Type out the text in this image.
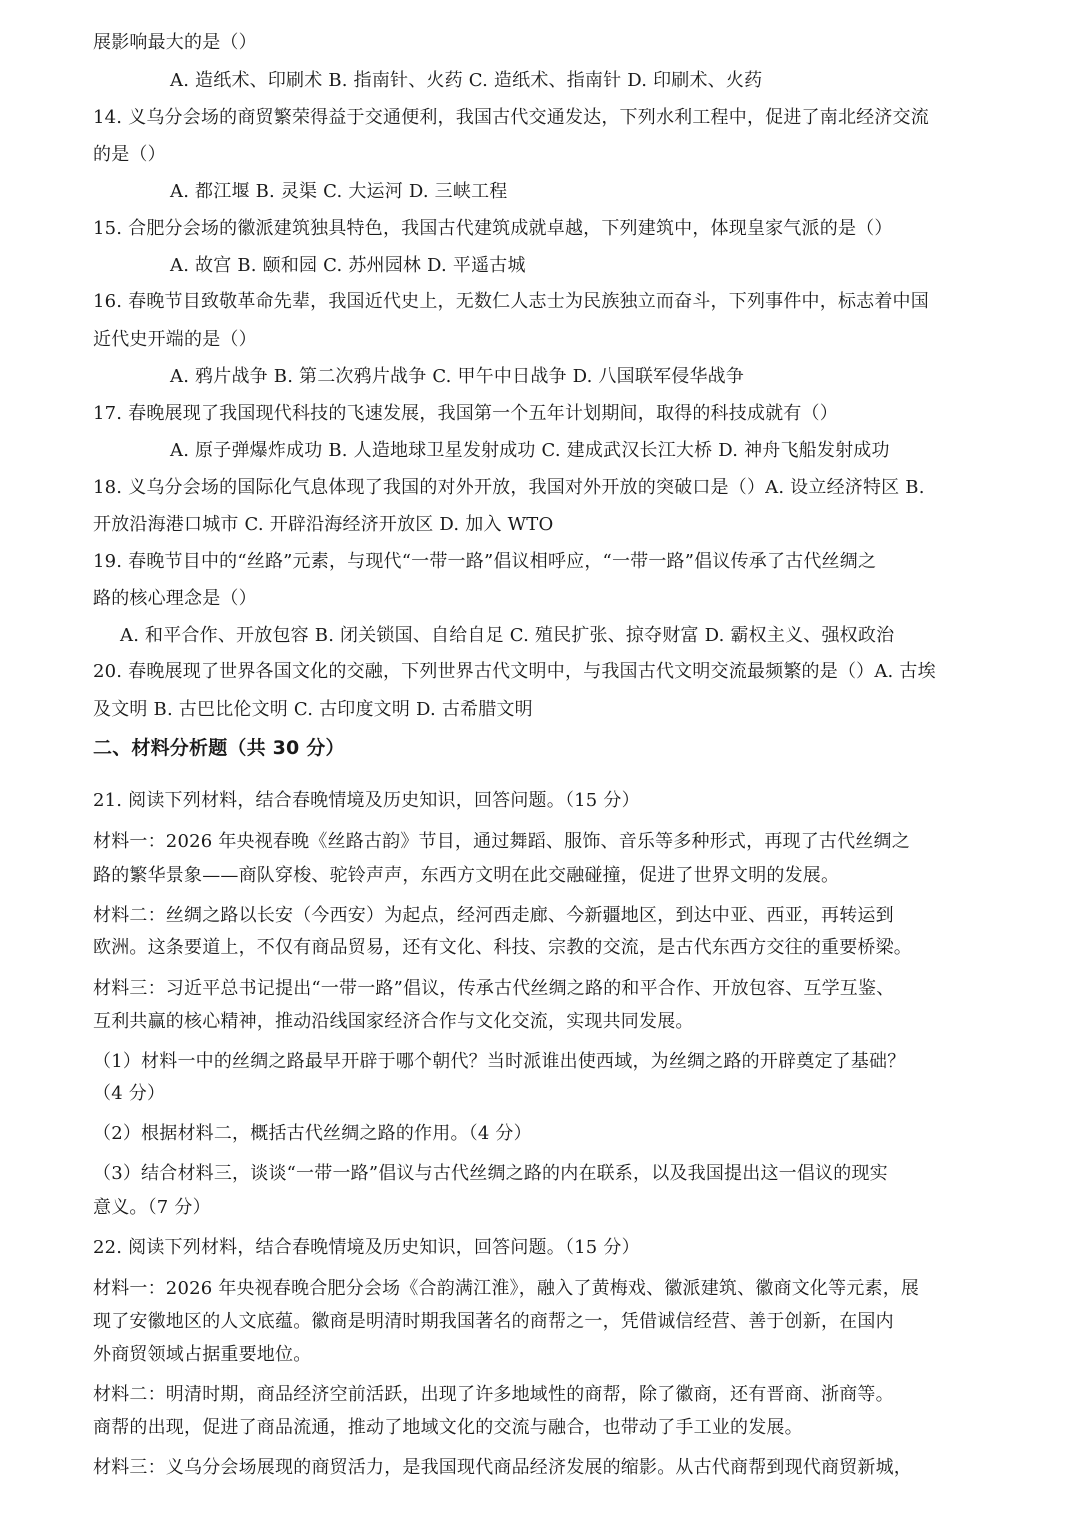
展影响最大的是（）
A. 造纸术、印刷术 B. 指南针、火药 C. 造纸术、指南针 D. 印刷术、火药
14. 义乌分会场的商贸繁荣得益于交通便利，我国古代交通发达，下列水利工程中，促进了南北经济交流
的是（）
A. 都江堰 B. 灵渠 C. 大运河 D. 三峡工程
15. 合肥分会场的徽派建筑独具特色，我国古代建筑成就卓越，下列建筑中，体现皇家气派的是（）
A. 故宫 B. 颐和园 C. 苏州园林 D. 平遥古城
16. 春晚节目致敬革命先辈，我国近代史上，无数仁人志士为民族独立而奋斗，下列事件中，标志着中国
近代史开端的是（）
A. 鸦片战争 B. 第二次鸦片战争 C. 甲午中日战争 D. 八国联军侵华战争
17. 春晚展现了我国现代科技的飞速发展，我国第一个五年计划期间，取得的科技成就有（）
A. 原子弹爆炸成功 B. 人造地球卫星发射成功 C. 建成武汉长江大桥 D. 神舟飞船发射成功
18. 义乌分会场的国际化气息体现了我国的对外开放，我国对外开放的突破口是（）A. 设立经济特区 B.
开放沿海港口城市 C. 开辟沿海经济开放区 D. 加入 WTO
19. 春晚节目中的“丝路”元素，与现代“一带一路”倡议相呼应，“一带一路”倡议传承了古代丝绸之
路的核心理念是（）
A. 和平合作、开放包容 B. 闭关锁国、自给自足 C. 殖民扩张、掠夺财富 D. 霸权主义、强权政治
20. 春晚展现了世界各国文化的交融，下列世界古代文明中，与我国古代文明交流最频繁的是（）A. 古埃
及文明 B. 古巴比伦文明 C. 古印度文明 D. 古希腊文明
二、材料分析题（共 30 分）
21. 阅读下列材料，结合春晚情境及历史知识，回答问题。（15 分）
材料一：2026 年央视春晚《丝路古韵》节目，通过舞蹈、服饰、音乐等多种形式，再现了古代丝绸之
路的繁华景象——商队穿梭、驼铃声声，东西方文明在此交融碰撞，促进了世界文明的发展。
材料二：丝绸之路以长安（今西安）为起点，经河西走廊、今新疆地区，到达中亚、西亚，再转运到
欧洲。这条要道上，不仅有商品贸易，还有文化、科技、宗教的交流，是古代东西方交往的重要桥梁。
材料三：习近平总书记提出“一带一路”倡议，传承古代丝绸之路的和平合作、开放包容、互学互鉴、
互利共赢的核心精神，推动沿线国家经济合作与文化交流，实现共同发展。
（1）材料一中的丝绸之路最早开辟于哪个朝代？当时派谁出使西域，为丝绸之路的开辟奠定了基础？
（4 分）
（2）根据材料二，概括古代丝绸之路的作用。（4 分）
（3）结合材料三，谈谈“一带一路”倡议与古代丝绸之路的内在联系，以及我国提出这一倡议的现实
意义。（7 分）
22. 阅读下列材料，结合春晚情境及历史知识，回答问题。（15 分）
材料一：2026 年央视春晚合肥分会场《合韵满江淮》，融入了黄梅戏、徽派建筑、徽商文化等元素，展
现了安徽地区的人文底蕴。徽商是明清时期我国著名的商帮之一，凭借诚信经营、善于创新，在国内
外商贸领域占据重要地位。
材料二：明清时期，商品经济空前活跃，出现了许多地域性的商帮，除了徽商，还有晋商、浙商等。
商帮的出现，促进了商品流通，推动了地域文化的交流与融合，也带动了手工业的发展。
材料三：义乌分会场展现的商贸活力，是我国现代商品经济发展的缩影。从古代商帮到现代商贸新城，
